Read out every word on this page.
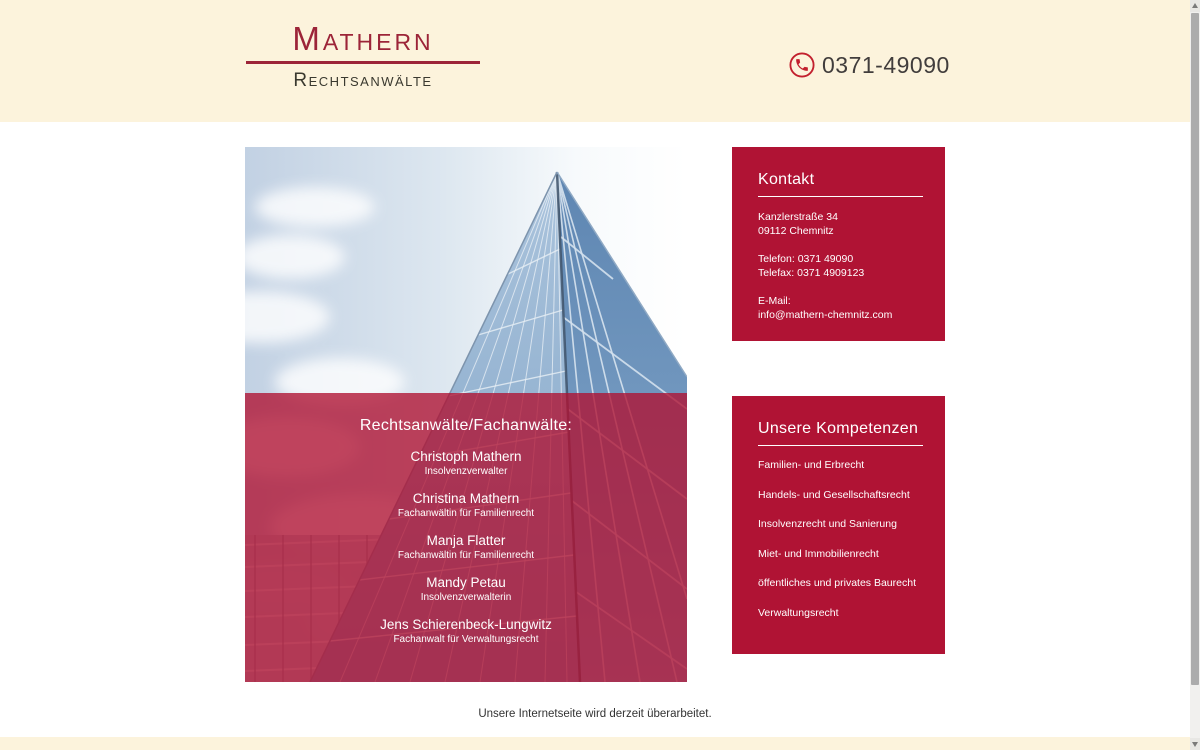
Mathern
Rechtsanwälte
0371-49090
Rechtsanwälte/Fachanwälte:
Christoph Mathern
Insolvenzverwalter
Christina Mathern
Fachanwältin für Familienrecht
Manja Flatter
Fachanwältin für Familienrecht
Mandy Petau
Insolvenzverwalterin
Jens Schierenbeck-Lungwitz
Fachanwalt für Verwaltungsrecht
Kontakt
Kanzlerstraße 34
09112 Chemnitz
Telefon: 0371 49090
Telefax: 0371 4909123
E-Mail:
info@mathern-chemnitz.com
Unsere Kompetenzen
Familien- und Erbrecht
Handels- und Gesellschaftsrecht
Insolvenzrecht und Sanierung
Miet- und Immobilienrecht
öffentliches und privates Baurecht
Verwaltungsrecht
Unsere Internetseite wird derzeit überarbeitet.
